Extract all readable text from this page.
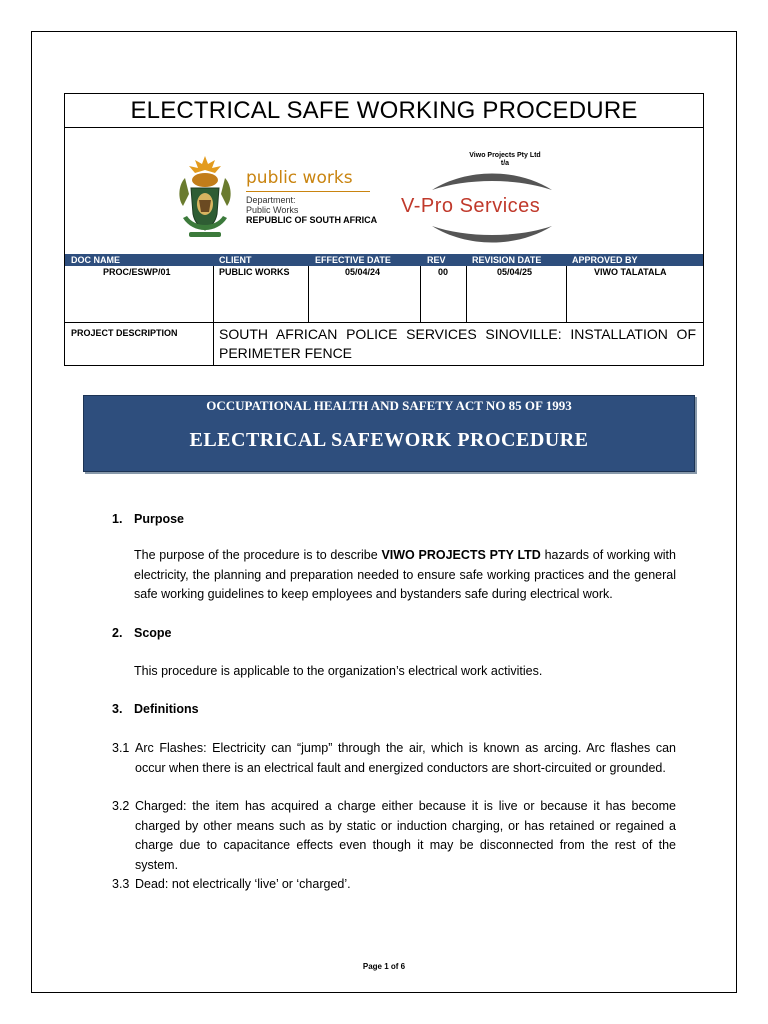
ELECTRICAL SAFE WORKING PROCEDURE
public works
Department:
Public Works
REPUBLIC OF SOUTH AFRICA
Viwo Projects Pty Ltd
t/a
V-Pro Services
DOC NAME	CLIENT	EFFECTIVE DATE	REV	REVISION DATE	APPROVED BY
PROC/ESWP/01	PUBLIC WORKS	05/04/24	00	05/04/25	VIWO TALATALA
PROJECT DESCRIPTION	SOUTH AFRICAN POLICE SERVICES SINOVILLE: INSTALLATION OF PERIMETER FENCE
OCCUPATIONAL HEALTH AND SAFETY ACT NO 85 OF 1993
ELECTRICAL SAFEWORK PROCEDURE
1. Purpose
The purpose of the procedure is to describe VIWO PROJECTS PTY LTD hazards of working with electricity, the planning and preparation needed to ensure safe working practices and the general safe working guidelines to keep employees and bystanders safe during electrical work.
2. Scope
This procedure is applicable to the organization’s electrical work activities.
3. Definitions
3.1 Arc Flashes: Electricity can “jump” through the air, which is known as arcing. Arc flashes can occur when there is an electrical fault and energized conductors are short-circuited or grounded.
3.2 Charged: the item has acquired a charge either because it is live or because it has become charged by other means such as by static or induction charging, or has retained or regained a charge due to capacitance effects even though it may be disconnected from the rest of the system.
3.3 Dead: not electrically ‘live’ or ‘charged’.
Page 1 of 6
